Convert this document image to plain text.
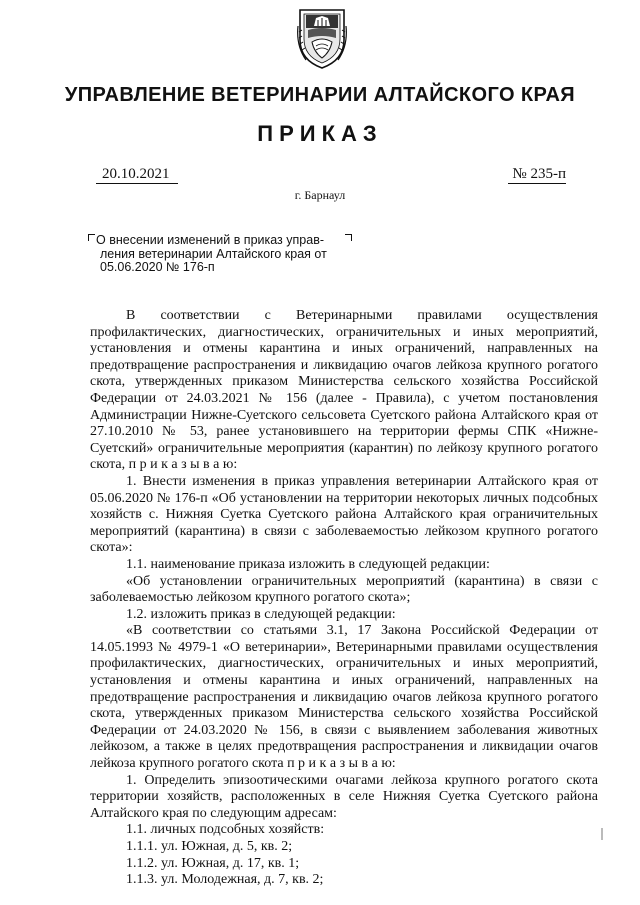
УПРАВЛЕНИЕ ВЕТЕРИНАРИИ АЛТАЙСКОГО КРАЯ
ПРИКАЗ
20.10.2021	№ 235-п
г. Барнаул
О внесении изменений в приказ управ-
ления ветеринарии Алтайского края от
05.06.2020 № 176-п

В соответствии с Ветеринарными правилами осуществления профилактических, диагностических, ограничительных и иных мероприятий, установления и отмены карантина и иных ограничений, направленных на предотвращение распространения и ликвидацию очагов лейкоза крупного рогатого скота, утвержденных приказом Министерства сельского хозяйства Российской Федерации от 24.03.2021 № 156 (далее - Правила), с учетом постановления Администрации Нижне-Суетского сельсовета Суетского района Алтайского края от 27.10.2010 № 53, ранее установившего на территории фермы СПК «Нижне-Суетский» ограничительные мероприятия (карантин) по лейкозу крупного рогатого скота, п р и к а з ы в а ю:

1. Внести изменения в приказ управления ветеринарии Алтайского края от 05.06.2020 № 176-п «Об установлении на территории некоторых личных подсобных хозяйств с. Нижняя Суетка Суетского района Алтайского края ограничительных мероприятий (карантина) в связи с заболеваемостью лейкозом крупного рогатого скота»:

1.1. наименование приказа изложить в следующей редакции:

«Об установлении ограничительных мероприятий (карантина) в связи с заболеваемостью лейкозом крупного рогатого скота»;

1.2. изложить приказ в следующей редакции:

«В соответствии со статьями 3.1, 17 Закона Российской Федерации от 14.05.1993 № 4979-1 «О ветеринарии», Ветеринарными правилами осуществления профилактических, диагностических, ограничительных и иных мероприятий, установления и отмены карантина и иных ограничений, направленных на предотвращение распространения и ликвидацию очагов лейкоза крупного рогатого скота, утвержденных приказом Министерства сельского хозяйства Российской Федерации от 24.03.2020 № 156, в связи с выявлением заболевания животных лейкозом, а также в целях предотвращения распространения и ликвидации очагов лейкоза крупного рогатого скота п р и к а з ы в а ю:

1. Определить эпизоотическими очагами лейкоза крупного рогатого скота территории хозяйств, расположенных в селе Нижняя Суетка Суетского района Алтайского края по следующим адресам:

1.1. личных подсобных хозяйств:

1.1.1. ул. Южная, д. 5, кв. 2;

1.1.2. ул. Южная, д. 17, кв. 1;

1.1.3. ул. Молодежная, д. 7, кв. 2;
